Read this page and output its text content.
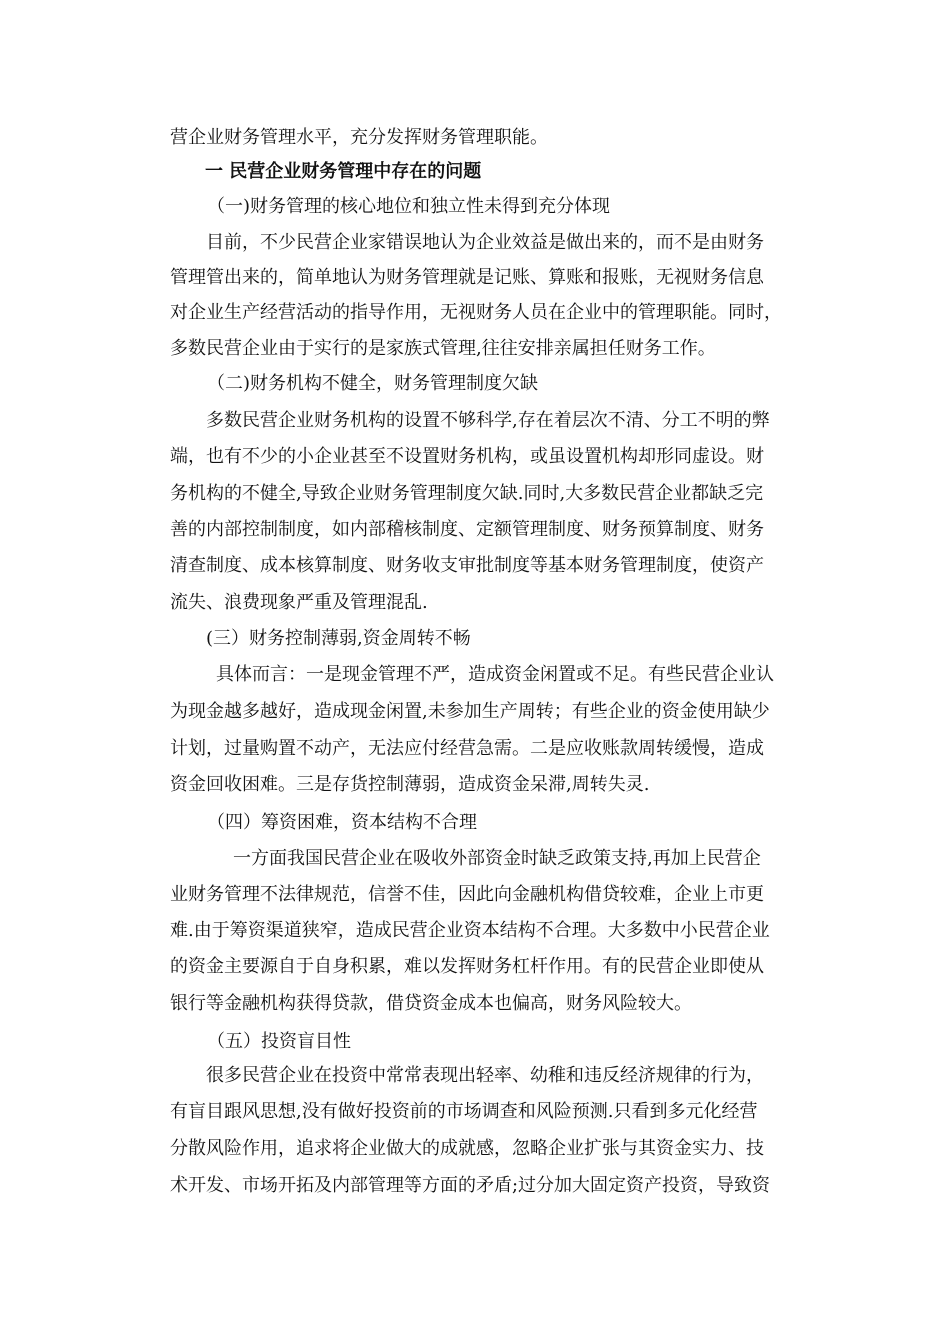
营企业财务管理水平，充分发挥财务管理职能。
一 民营企业财务管理中存在的问题
（一)财务管理的核心地位和独立性未得到充分体现
目前，不少民营企业家错误地认为企业效益是做出来的，而不是由财务
管理管出来的，简单地认为财务管理就是记账、算账和报账，无视财务信息
对企业生产经营活动的指导作用，无视财务人员在企业中的管理职能。同时，
多数民营企业由于实行的是家族式管理,往往安排亲属担任财务工作。
（二)财务机构不健全，财务管理制度欠缺
多数民营企业财务机构的设置不够科学,存在着层次不清、分工不明的弊
端，也有不少的小企业甚至不设置财务机构，或虽设置机构却形同虚设。财
务机构的不健全,导致企业财务管理制度欠缺.同时,大多数民营企业都缺乏完
善的内部控制制度，如内部稽核制度、定额管理制度、财务预算制度、财务
清查制度、成本核算制度、财务收支审批制度等基本财务管理制度，使资产
流失、浪费现象严重及管理混乱.
(三）财务控制薄弱,资金周转不畅
具体而言：一是现金管理不严，造成资金闲置或不足。有些民营企业认
为现金越多越好，造成现金闲置,未参加生产周转；有些企业的资金使用缺少
计划，过量购置不动产，无法应付经营急需。二是应收账款周转缓慢，造成
资金回收困难。三是存货控制薄弱，造成资金呆滞,周转失灵.
（四）筹资困难，资本结构不合理
一方面我国民营企业在吸收外部资金时缺乏政策支持,再加上民营企
业财务管理不法律规范，信誉不佳，因此向金融机构借贷较难，企业上市更
难.由于筹资渠道狭窄，造成民营企业资本结构不合理。大多数中小民营企业
的资金主要源自于自身积累，难以发挥财务杠杆作用。有的民营企业即使从
银行等金融机构获得贷款，借贷资金成本也偏高，财务风险较大。
（五）投资盲目性
很多民营企业在投资中常常表现出轻率、幼稚和违反经济规律的行为，
有盲目跟风思想,没有做好投资前的市场调查和风险预测.只看到多元化经营
分散风险作用，追求将企业做大的成就感，忽略企业扩张与其资金实力、技
术开发、市场开拓及内部管理等方面的矛盾;过分加大固定资产投资，导致资
